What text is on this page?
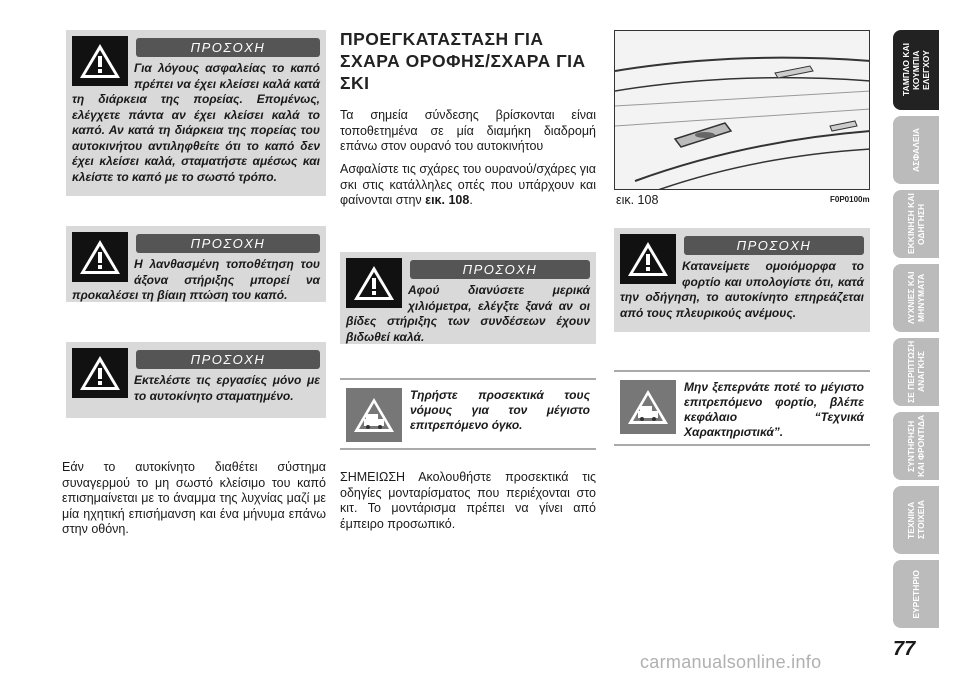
ΠΡΟΣΟΧΗ
Για λόγους ασφαλείας το καπό πρέπει να έχει κλείσει καλά κατά τη διάρκεια της πορείας. Επομένως, ελέγχετε πάντα αν έχει κλείσει καλά το καπό. Αν κατά τη διάρκεια της πορείας του αυτοκινήτου αντιληφθείτε ότι το καπό δεν έχει κλείσει καλά, σταματήστε αμέσως και κλείστε το καπό με το σωστό τρόπο.
ΠΡΟΣΟΧΗ
Η λανθασμένη τοποθέτηση του άξονα στήριξης μπορεί να προκαλέσει τη βίαιη πτώση του καπό.
ΠΡΟΣΟΧΗ
Εκτελέστε τις εργασίες μόνο με το αυτοκίνητο σταματημένο.
Εάν το αυτοκίνητο διαθέτει σύστημα συναγερμού το μη σωστό κλείσιμο του καπό επισημαίνεται με το άναμμα της λυχνίας μαζί με μία ηχητική επισήμανση και ένα μήνυμα επάνω στην οθόνη.
ΠΡΟΕΓΚΑΤΑΣΤΑΣΗ ΓΙΑ ΣΧΑΡΑ ΟΡΟΦΗΣ/ΣΧΑΡΑ ΓΙΑ ΣΚΙ
Τα σημεία σύνδεσης βρίσκονται είναι τοποθετημένα σε μία διαμήκη διαδρομή επάνω στον ουρανό του αυτοκινήτου
Ασφαλίστε τις σχάρες του ουρανού/σχάρες για σκι στις κατάλληλες οπές που υπάρχουν και φαίνονται στην εικ. 108.
ΠΡΟΣΟΧΗ
Αφού διανύσετε μερικά χιλιόμετρα, ελέγξτε ξανά αν οι βίδες στήριξης των συνδέσεων έχουν βιδωθεί καλά.
Τηρήστε προσεκτικά τους νόμους για τον μέγιστο επιτρεπόμενο όγκο.
ΣΗΜΕΙΩΣΗ Ακολουθήστε προσεκτικά τις οδηγίες μονταρίσματος που περιέχονται στο κιτ. Το μοντάρισμα πρέπει να γίνει από έμπειρο προσωπικό.
εικ. 108	F0P0100m
ΠΡΟΣΟΧΗ
Κατανείμετε ομοιόμορφα το φορτίο και υπολογίστε ότι, κατά την οδήγηση, το αυτοκίνητο επηρεάζεται από τους πλευρικούς ανέμους.
Μην ξεπερνάτε ποτέ το μέγιστο επιτρεπόμενο φορτίο, βλέπε κεφάλαιο “Τεχνικά Χαρακτηριστικά”.
ΤΑΜΠΛΟ ΚΑΙ ΚΟΥΜΠΙΑ ΕΛΕΓΧΟΥ
ΑΣΦΑΛΕΙΑ
ΕΚΚΙΝΗΣΗ ΚΑΙ ΟΔΗΓΗΣΗ
ΛΥΧΝΙΕΣ ΚΑΙ ΜΗΝΥΜΑΤΑ
ΣΕ ΠΕΡΙΠΤΩΣΗ ΑΝΑΓΚΗΣ
ΣΥΝΤΗΡΗΣΗ ΚΑΙ ΦΡΟΝΤΙΔΑ
ΤΕΧΝΙΚΑ ΣΤΟΙΧΕΙΑ
ΕΥΡΕΤΗΡΙΟ
77
carmanualsonline.info
